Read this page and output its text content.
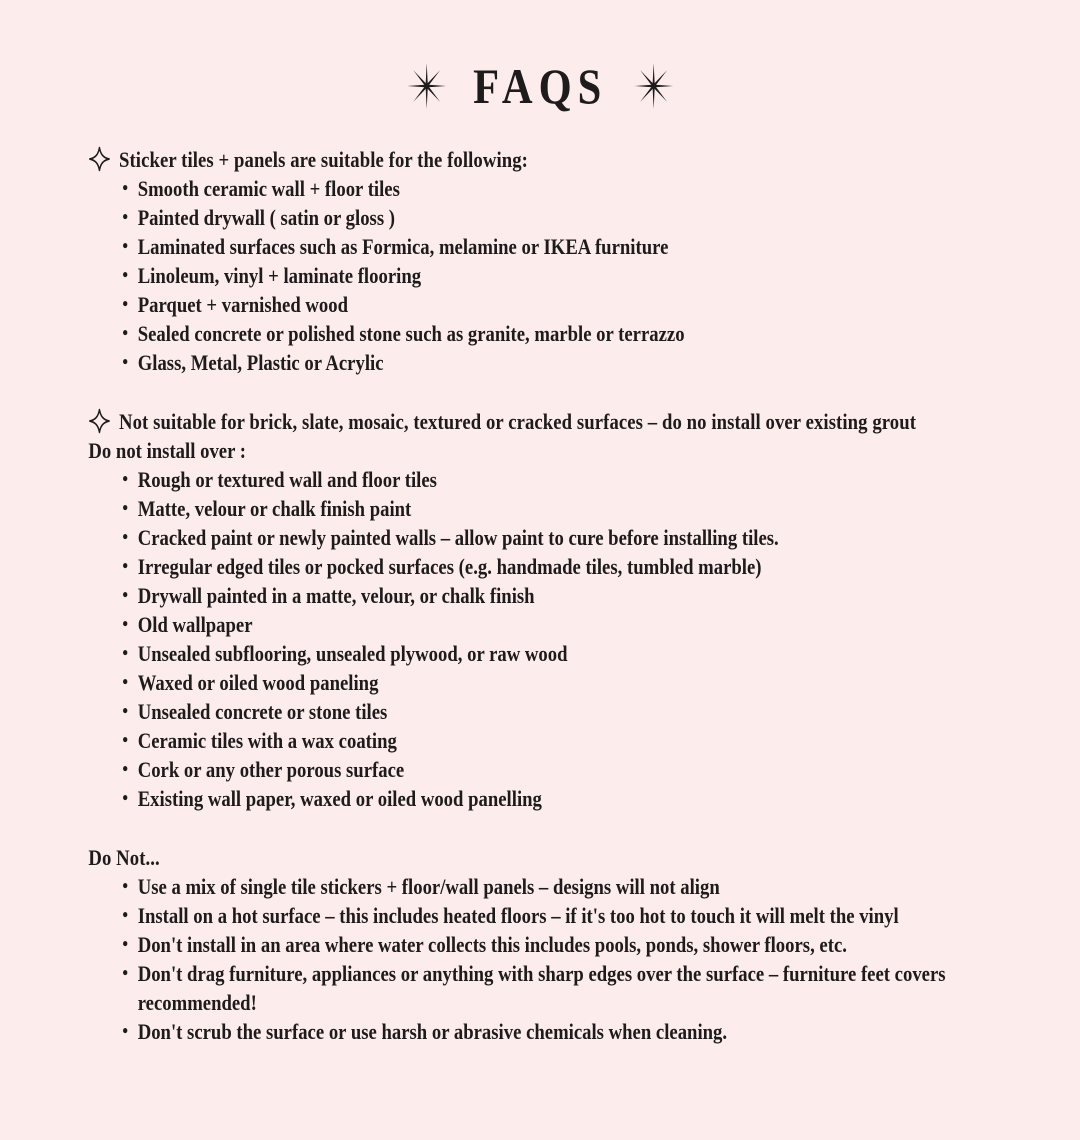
FAQS
Sticker tiles + panels are suitable for the following:
• Smooth ceramic wall + floor tiles
• Painted drywall ( satin or gloss )
• Laminated surfaces such as Formica, melamine or IKEA furniture
• Linoleum, vinyl + laminate flooring
• Parquet + varnished wood
• Sealed concrete or polished stone such as granite, marble or terrazzo
• Glass, Metal, Plastic or Acrylic
Not suitable for brick, slate, mosaic, textured or cracked surfaces – do no install over existing grout
Do not install over :
• Rough or textured wall and floor tiles
• Matte, velour or chalk finish paint
• Cracked paint or newly painted walls – allow paint to cure before installing tiles.
• Irregular edged tiles or pocked surfaces (e.g. handmade tiles, tumbled marble)
• Drywall painted in a matte, velour, or chalk finish
• Old wallpaper
• Unsealed subflooring, unsealed plywood, or raw wood
• Waxed or oiled wood paneling
• Unsealed concrete or stone tiles
• Ceramic tiles with a wax coating
• Cork or any other porous surface
• Existing wall paper, waxed or oiled wood panelling
Do Not...
• Use a mix of single tile stickers + floor/wall panels – designs will not align
• Install on a hot surface – this includes heated floors – if it's too hot to touch it will melt the vinyl
• Don't install in an area where water collects this includes pools, ponds, shower floors, etc.
• Don't drag furniture, appliances or anything with sharp edges over the surface – furniture feet covers recommended!
• Don't scrub the surface or use harsh or abrasive chemicals when cleaning.
